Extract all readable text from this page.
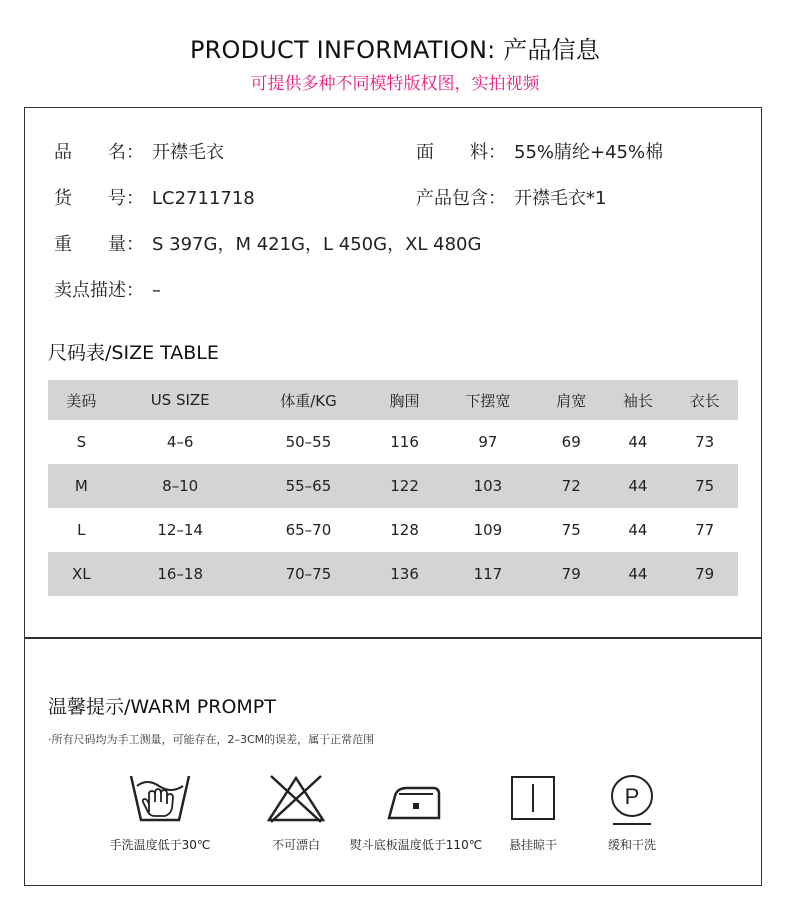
PRODUCT INFORMATION: 产品信息
可提供多种不同模特版权图，实拍视频
品　　名： 开襟毛衣	面　　料： 55%腈纶+45%棉
货　　号： LC2711718	产品包含： 开襟毛衣*1
重　　量： S 397G，M 421G，L 450G，XL 480G
卖点描述： –
尺码表/SIZE TABLE
美码	US SIZE	体重/KG	胸围	下摆宽	肩宽	袖长	衣长
S	4–6	50–55	116	97	69	44	73
M	8–10	55–65	122	103	72	44	75
L	12–14	65–70	128	109	75	44	77
XL	16–18	70–75	136	117	79	44	79
温馨提示/WARM PROMPT
·所有尺码均为手工测量，可能存在，2–3CM的误差，属于正常范围
手洗温度低于30℃	不可漂白	熨斗底板温度低于110℃	悬挂晾干
P
缓和干洗
